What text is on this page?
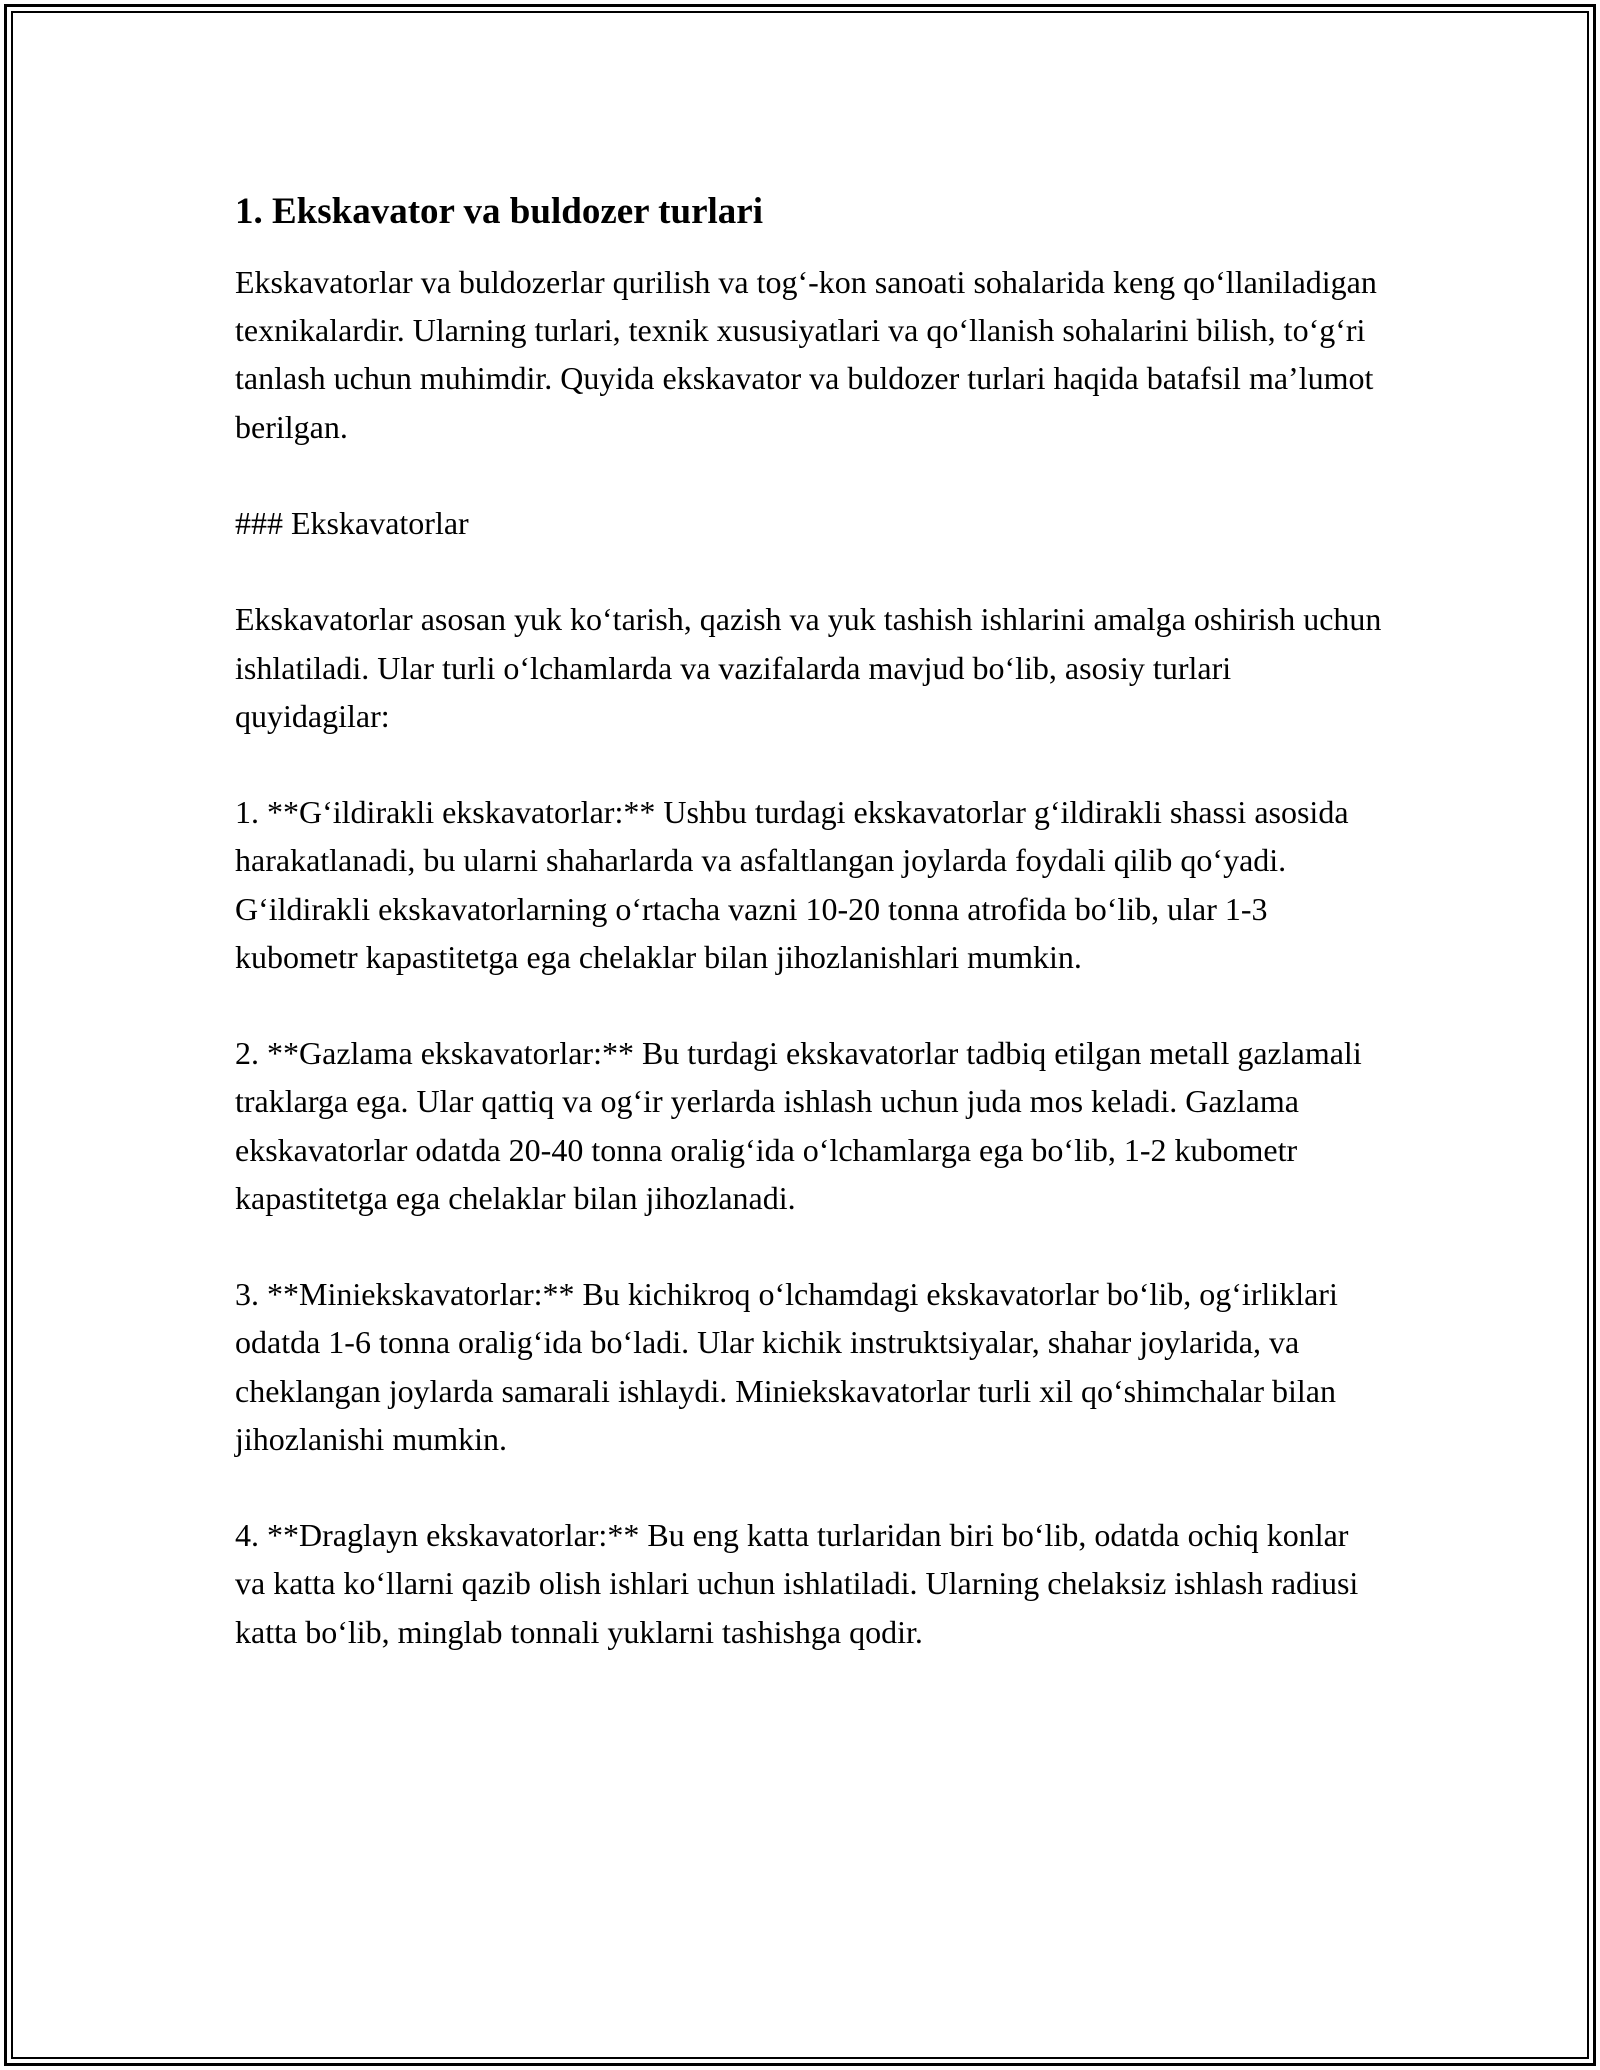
1. Ekskavator va buldozer turlari

Ekskavatorlar va buldozerlar qurilish va tog‘-kon sanoati sohalarida keng qo‘llaniladigan texnikalardir. Ularning turlari, texnik xususiyatlari va qo‘llanish sohalarini bilish, to‘g‘ri tanlash uchun muhimdir. Quyida ekskavator va buldozer turlari haqida batafsil ma’lumot berilgan.

### Ekskavatorlar

Ekskavatorlar asosan yuk ko‘tarish, qazish va yuk tashish ishlarini amalga oshirish uchun ishlatiladi. Ular turli o‘lchamlarda va vazifalarda mavjud bo‘lib, asosiy turlari quyidagilar:

1. **G‘ildirakli ekskavatorlar:** Ushbu turdagi ekskavatorlar g‘ildirakli shassi asosida harakatlanadi, bu ularni shaharlarda va asfaltlangan joylarda foydali qilib qo‘yadi. G‘ildirakli ekskavatorlarning o‘rtacha vazni 10-20 tonna atrofida bo‘lib, ular 1-3 kubometr kapastitetga ega chelaklar bilan jihozlanishlari mumkin.

2. **Gazlama ekskavatorlar:** Bu turdagi ekskavatorlar tadbiq etilgan metall gazlamali traklarga ega. Ular qattiq va og‘ir yerlarda ishlash uchun juda mos keladi. Gazlama ekskavatorlar odatda 20-40 tonna oralig‘ida o‘lchamlarga ega bo‘lib, 1-2 kubometr kapastitetga ega chelaklar bilan jihozlanadi.

3. **Miniekskavatorlar:** Bu kichikroq o‘lchamdagi ekskavatorlar bo‘lib, og‘irliklari odatda 1-6 tonna oralig‘ida bo‘ladi. Ular kichik instruktsiyalar, shahar joylarida, va cheklangan joylarda samarali ishlaydi. Miniekskavatorlar turli xil qo‘shimchalar bilan jihozlanishi mumkin.

4. **Draglayn ekskavatorlar:** Bu eng katta turlaridan biri bo‘lib, odatda ochiq konlar va katta ko‘llarni qazib olish ishlari uchun ishlatiladi. Ularning chelaksiz ishlash radiusi katta bo‘lib, minglab tonnali yuklarni tashishga qodir.
